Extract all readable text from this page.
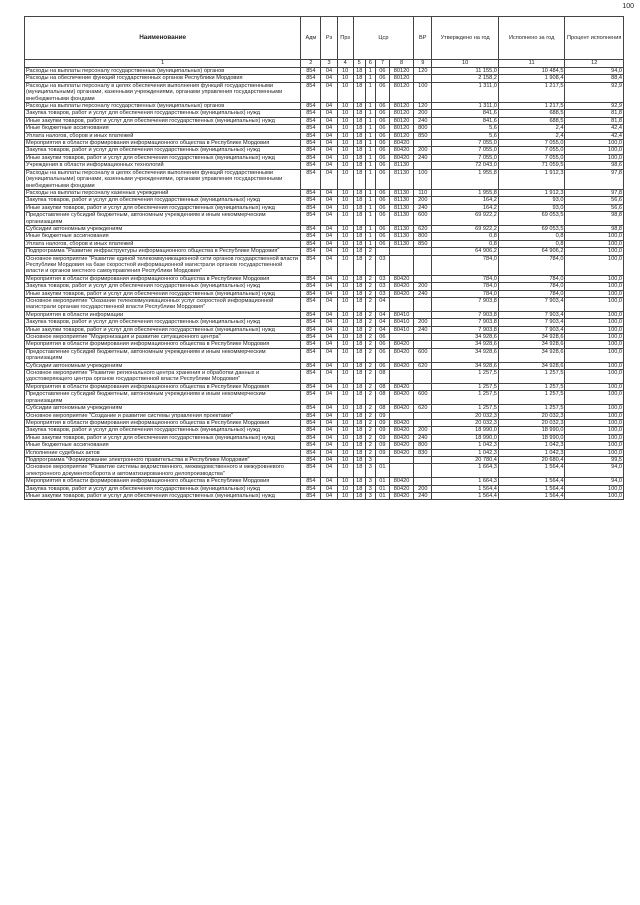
100
Наименование	Адм	Рз	Прз	Цср				ВР	Утверждено на год	Исполнено за год	Процент исполнения
1	2	3	4	5	6	7	8	9	10	11	12
Расходы на выплаты персоналу государственных (муниципальных) органов	854	04	10	18	1	06	80120	120	11 155,0	10 484,5	94,0
Расходы на обеспечение функций государственных органов Республики Мордовия	854	04	10	18	1	06	80120		2 158,2	1 908,4	88,4
Расходы на выплаты персоналу в целях обеспечения выполнения функций государственными (муниципальными) органами, казенными учреждениями, органами управления государственными внебюджетными фондами	854	04	10	18	1	06	80120	100	1 311,0	1 217,5	92,9
Расходы на выплаты персоналу государственных (муниципальных) органов	854	04	10	18	1	06	80120	120	1 311,0	1 217,5	92,9
Закупка товаров, работ и услуг для обеспечения государственных (муниципальных) нужд	854	04	10	18	1	06	80120	200	841,6	688,5	81,8
Иные закупки товаров, работ и услуг для обеспечения государственных (муниципальных) нужд	854	04	10	18	1	06	80120	240	841,6	688,5	81,8
Иные бюджетные ассигнования	854	04	10	18	1	06	80120	800	5,6	2,4	42,4
Уплата налогов, сборов и иных платежей	854	04	10	18	1	06	80120	850	5,6	2,4	42,4
Мероприятия в области формирования информационного общества в Республике Мордовия	854	04	10	18	1	06	80420		7 055,0	7 055,0	100,0
Закупка товаров, работ и услуг для обеспечения государственных (муниципальных) нужд	854	04	10	18	1	06	80420	200	7 055,0	7 055,0	100,0
Иные закупки товаров, работ и услуг для обеспечения государственных (муниципальных) нужд	854	04	10	18	1	06	80420	240	7 055,0	7 055,0	100,0
Учреждения в области информационных технологий	854	04	10	18	1	06	81130		72 043,0	71 059,5	98,6
Расходы на выплаты персоналу в целях обеспечения выполнения функций государственными (муниципальными) органами, казенными учреждениями, органами управления государственными внебюджетными фондами	854	04	10	18	1	06	81130	100	1 955,8	1 912,3	97,8
Расходы на выплаты персоналу казенных учреждений	854	04	10	18	1	06	81130	110	1 955,8	1 912,3	97,8
Закупка товаров, работ и услуг для обеспечения государственных (муниципальных) нужд	854	04	10	18	1	06	81130	200	164,2	93,0	56,6
Иные закупки товаров, работ и услуг для обеспечения государственных (муниципальных) нужд	854	04	10	18	1	06	81130	240	164,2	93,0	56,6
Предоставление субсидий бюджетным, автономным учреждениям и иным некоммерческим организациям	854	04	10	18	1	06	81130	600	69 922,2	69 053,5	98,8
Субсидии автономным учреждениям	854	04	10	18	1	06	81130	620	69 922,2	69 053,5	98,8
Иные бюджетные ассигнования	854	04	10	18	1	06	81130	800	0,8	0,8	100,0
Уплата налогов, сборов и иных платежей	854	04	10	18	1	06	81130	850	0,8	0,8	100,0
Подпрограмма "Развитие инфраструктуры информационного общества в Республике Мордовия"	854	04	10	18	2				64 906,2	64 906,2	100,0
Основное мероприятие "Развитие единой телекоммуникационной сети органов государственной власти Республики Мордовия на базе скоростной информационной магистрали органов государственной власти и органов местного самоуправления Республики Мордовия"	854	04	10	18	2	03			784,0	784,0	100,0
Мероприятия в области формирования информационного общества в Республике Мордовия	854	04	10	18	2	03	80420		784,0	784,0	100,0
Закупка товаров, работ и услуг для обеспечения государственных (муниципальных) нужд	854	04	10	18	2	03	80420	200	784,0	784,0	100,0
Иные закупки товаров, работ и услуг для обеспечения государственных (муниципальных) нужд	854	04	10	18	2	03	80420	240	784,0	784,0	100,0
Основное мероприятие "Оказание телекоммуникационных услуг скоростной информационной магистрали органам государственной власти Республики Мордовия"	854	04	10	18	2	04			7 903,8	7 903,4	100,0
Мероприятия в области информации	854	04	10	18	2	04	80410		7 903,8	7 903,4	100,0
Закупка товаров, работ и услуг для обеспечения государственных (муниципальных) нужд	854	04	10	18	2	04	80410	200	7 903,8	7 903,4	100,0
Иные закупки товаров, работ и услуг для обеспечения государственных (муниципальных) нужд	854	04	10	18	2	04	80410	240	7 903,8	7 903,4	100,0
Основное мероприятие "Модернизация и развитие ситуационного центра"	854	04	10	18	2	06			34 928,6	34 928,6	100,0
Мероприятия в области формирования информационного общества в Республике Мордовия	854	04	10	18	2	06	80420		34 928,6	34 928,6	100,0
Предоставление субсидий бюджетным, автономным учреждениям и иным некоммерческим организациям	854	04	10	18	2	06	80420	600	34 928,6	34 928,6	100,0
Субсидии автономным учреждениям	854	04	10	18	2	06	80420	620	34 928,6	34 928,6	100,0
Основное мероприятие "Развитие регионального центра хранения и обработки данных и удостоверяющего центра органов государственной власти Республики Мордовия"	854	04	10	18	2	08			1 257,5	1 257,5	100,0
Мероприятия в области формирования информационного общества в Республике Мордовия	854	04	10	18	2	08	80420		1 257,5	1 257,5	100,0
Предоставление субсидий бюджетным, автономным учреждениям и иным некоммерческим организациям	854	04	10	18	2	08	80420	600	1 257,5	1 257,5	100,0
Субсидии автономным учреждениям	854	04	10	18	2	08	80420	620	1 257,5	1 257,5	100,0
Основное мероприятие "Создание и развитие системы управления проектами"	854	04	10	18	2	09			20 032,3	20 032,3	100,0
Мероприятия в области формирования информационного общества в Республике Мордовия	854	04	10	18	2	09	80420		20 032,3	20 032,3	100,0
Закупка товаров, работ и услуг для обеспечения государственных (муниципальных) нужд	854	04	10	18	2	09	80420	200	18 990,0	18 990,0	100,0
Иные закупки товаров, работ и услуг для обеспечения государственных (муниципальных) нужд	854	04	10	18	2	09	80420	240	18 990,0	18 990,0	100,0
Иные бюджетные ассигнования	854	04	10	18	2	09	80420	800	1 042,3	1 042,3	100,0
Исполнение судебных актов	854	04	10	18	2	09	80420	830	1 042,3	1 042,3	100,0
Подпрограмма "Формирование электронного правительства в Республике Мордовия"	854	04	10	18	3				20 780,4	20 680,4	99,5
Основное мероприятие "Развитие системы ведомственного, межведомственного и межуровневого электронного документооборота и автоматизированного делопроизводства"	854	04	10	18	3	01			1 664,3	1 564,4	94,0
Мероприятия в области формирования информационного общества в Республике Мордовия	854	04	10	18	3	01	80420		1 664,3	1 564,4	94,0
Закупка товаров, работ и услуг для обеспечения государственных (муниципальных) нужд	854	04	10	18	3	01	80420	200	1 564,4	1 564,4	100,0
Иные закупки товаров, работ и услуг для обеспечения государственных (муниципальных) нужд	854	04	10	18	3	01	80420	240	1 564,4	1 564,4	100,0
